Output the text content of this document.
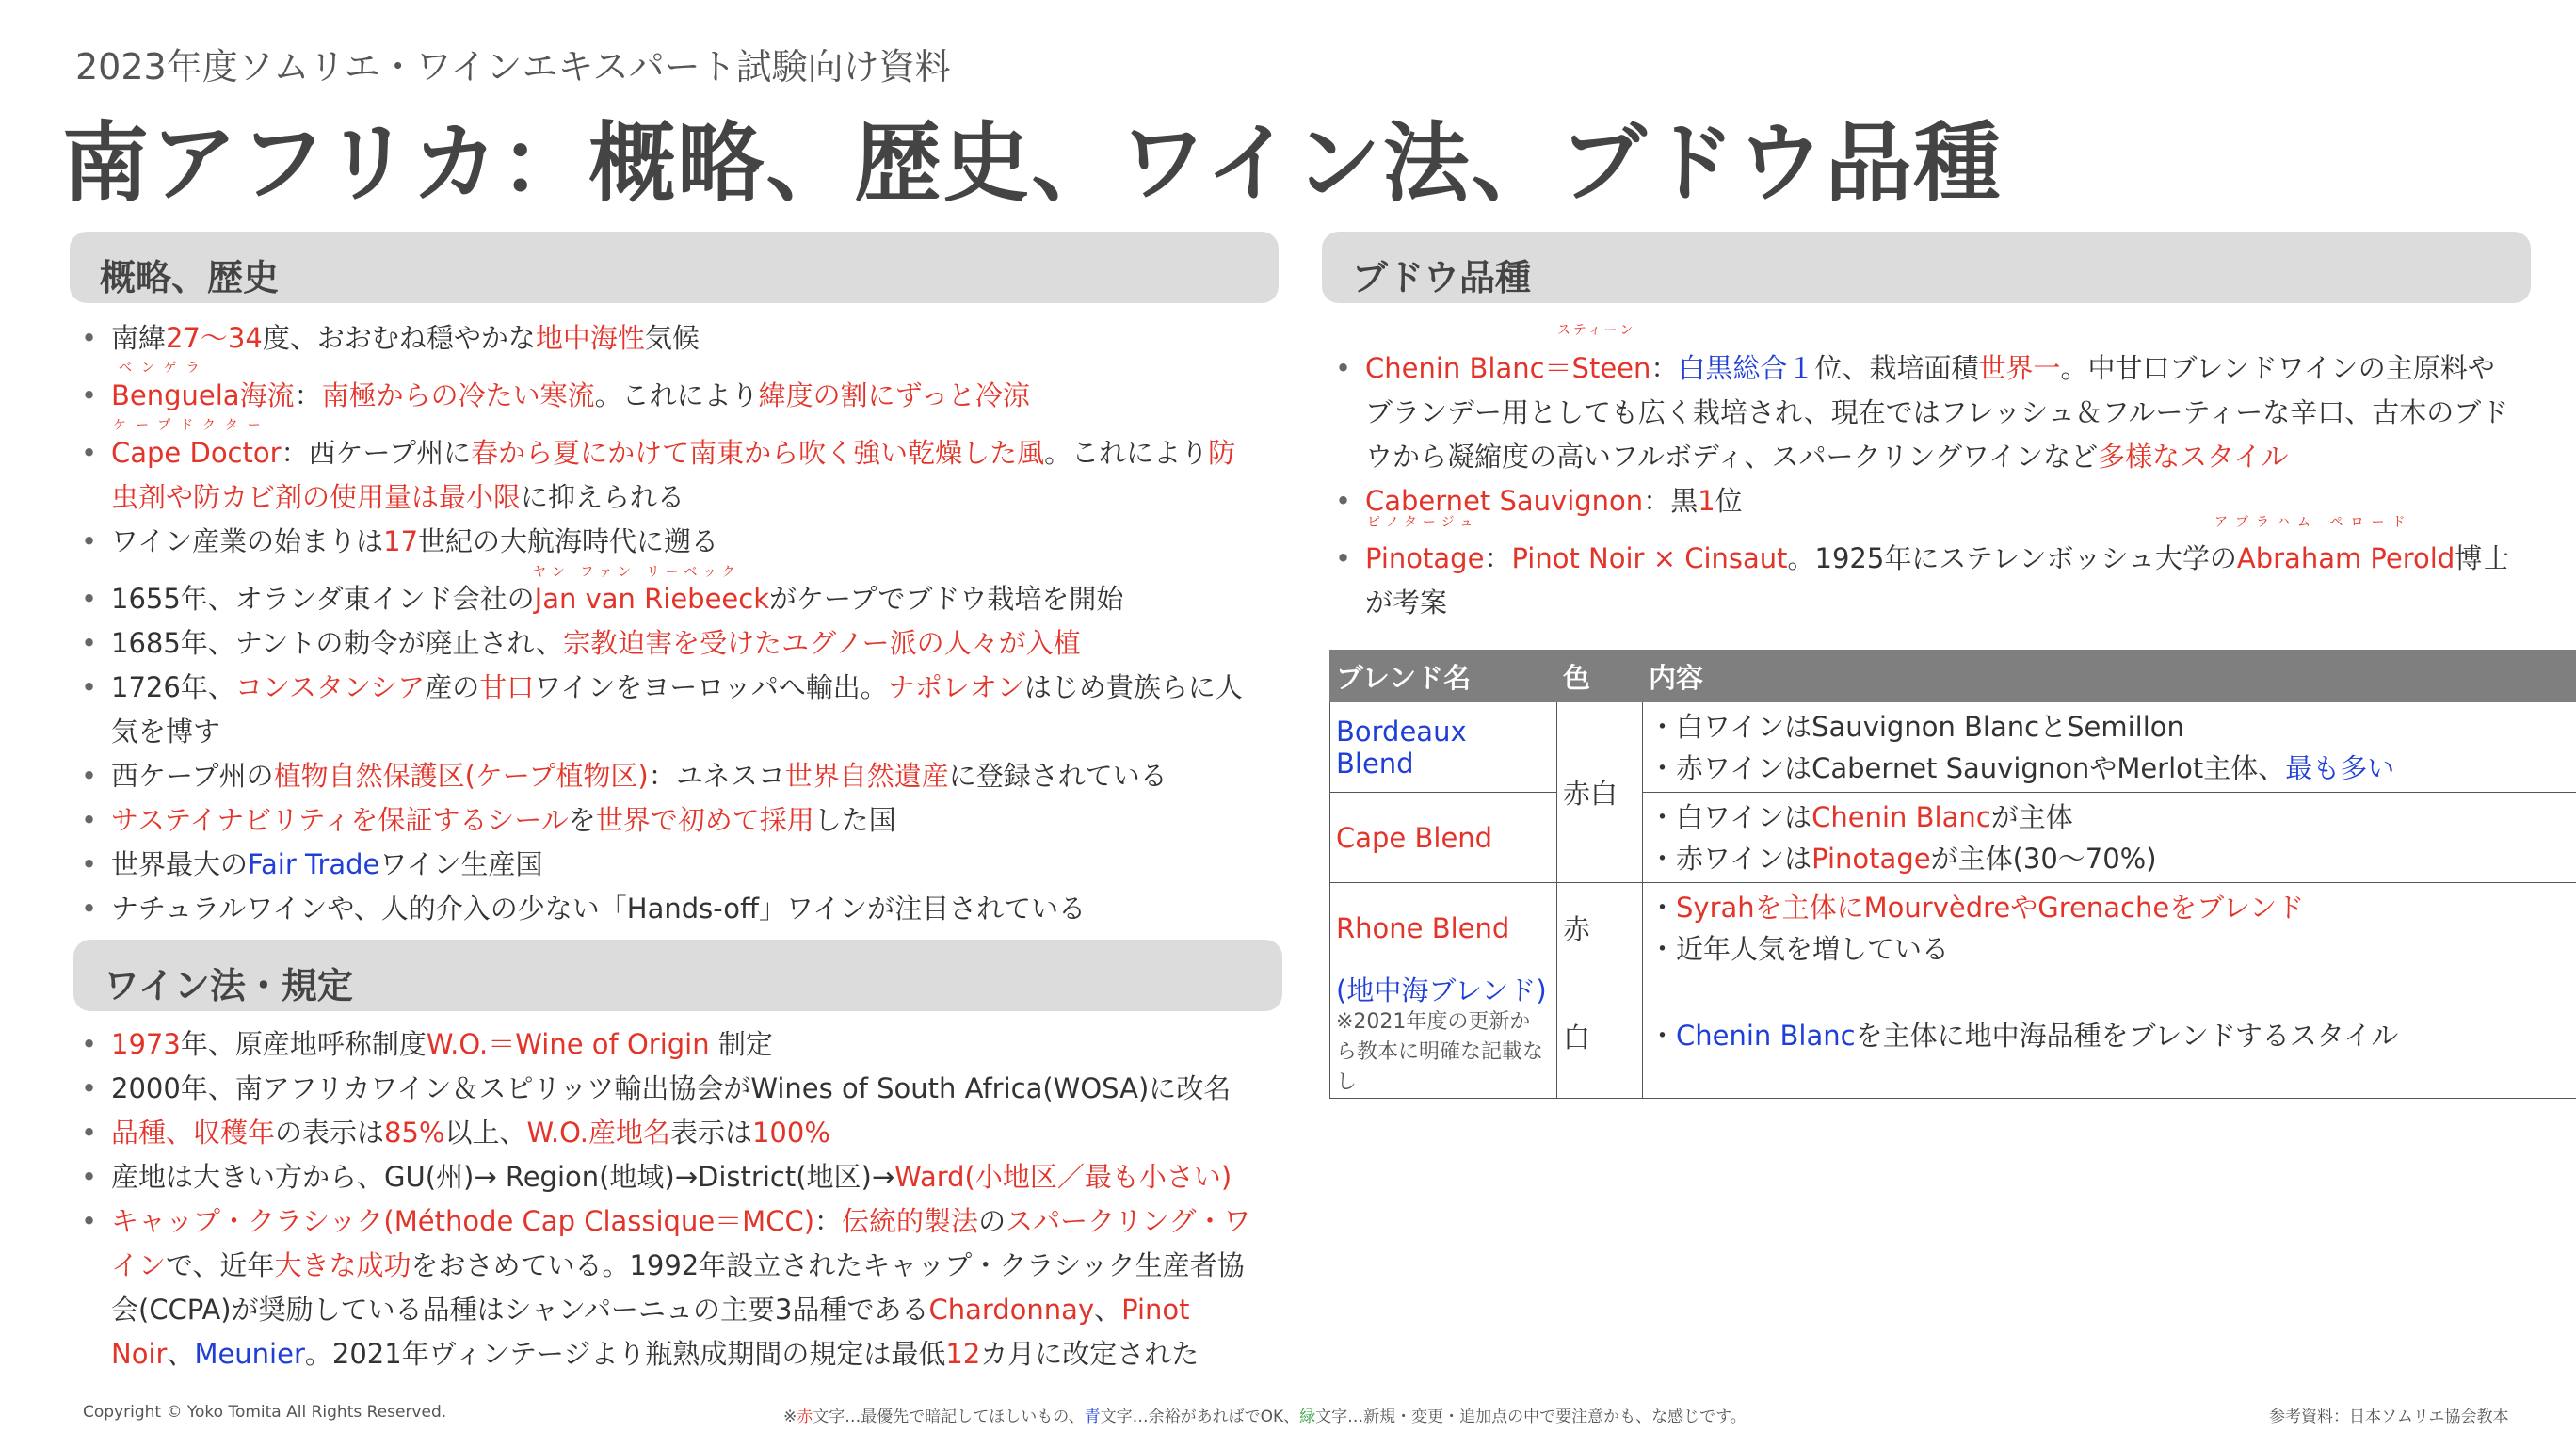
2023年度ソムリエ・ワインエキスパート試験向け資料
南アフリカ：概略、歴史、ワイン法、ブドウ品種
概略、歴史
• 南緯27〜34度、おおむね穏やかな地中海性気候
• Benguela海流：南極からの冷たい寒流。これにより緯度の割にずっと冷涼
• Cape Doctor：西ケープ州に春から夏にかけて南東から吹く強い乾燥した風。これにより防虫剤や防カビ剤の使用量は最小限に抑えられる
• ワイン産業の始まりは17世紀の大航海時代に遡る
• 1655年、オランダ東インド会社のJan van Riebeeckがケープでブドウ栽培を開始
• 1685年、ナントの勅令が廃止され、宗教迫害を受けたユグノー派の人々が入植
• 1726年、コンスタンシア産の甘口ワインをヨーロッパへ輸出。ナポレオンはじめ貴族らに人気を博す
• 西ケープ州の植物自然保護区(ケープ植物区)：ユネスコ世界自然遺産に登録されている
• サステイナビリティを保証するシールを世界で初めて採用した国
• 世界最大のFair Tradeワイン生産国
• ナチュラルワインや、人的介入の少ない「Hands-off」ワインが注目されている
ベンゲラ
ケープドクター
ヤン ファン リーベック
ワイン法・規定
• 1973年、原産地呼称制度W.O.＝Wine of Origin 制定
• 2000年、南アフリカワイン＆スピリッツ輸出協会がWines of South Africa(WOSA)に改名
• 品種、収穫年の表示は85%以上、W.O.産地名表示は100%
• 産地は大きい方から、GU(州)→ Region(地域)→District(地区)→Ward(小地区／最も小さい)
• キャップ・クラシック(Méthode Cap Classique＝MCC)：伝統的製法のスパークリング・ワインで、近年大きな成功をおさめている。1992年設立されたキャップ・クラシック生産者協会(CCPA)が奨励している品種はシャンパーニュの主要3品種であるChardonnay、Pinot Noir、Meunier。2021年ヴィンテージより瓶熟成期間の規定は最低12カ月に改定された
ブドウ品種
• Chenin Blanc＝Steen：白黒総合１位、栽培面積世界一。中甘口ブレンドワインの主原料やブランデー用としても広く栽培され、現在ではフレッシュ＆フルーティーな辛口、古木のブドウから凝縮度の高いフルボディ、スパークリングワインなど多様なスタイル
• Cabernet Sauvignon：黒1位
• Pinotage：Pinot Noir × Cinsaut。1925年にステレンボッシュ大学のAbraham Perold博士が考案
スティーン
ピノタージュ	アブラハム ペロード
ブレンド名	色	内容
Bordeaux Blend	赤白	・白ワインはSauvignon BlancとSemillon
・赤ワインはCabernet SauvignonやMerlot主体、最も多い

Cape Blend		・白ワインはChenin Blancが主体
・赤ワインはPinotageが主体(30〜70%)

Rhone Blend	赤	・Syrahを主体にMourvèdreやGrenacheをブレンド
・近年人気を増している

(地中海ブレンド)
※2021年度の更新から教本に明確な記載なし	白	・Chenin Blancを主体に地中海品種をブレンドするスタイル
Copyright © Yoko Tomita All Rights Reserved.	※赤文字…最優先で暗記してほしいもの、青文字…余裕があればでOK、緑文字…新規・変更・追加点の中で要注意かも、な感じです。	参考資料：日本ソムリエ協会教本
